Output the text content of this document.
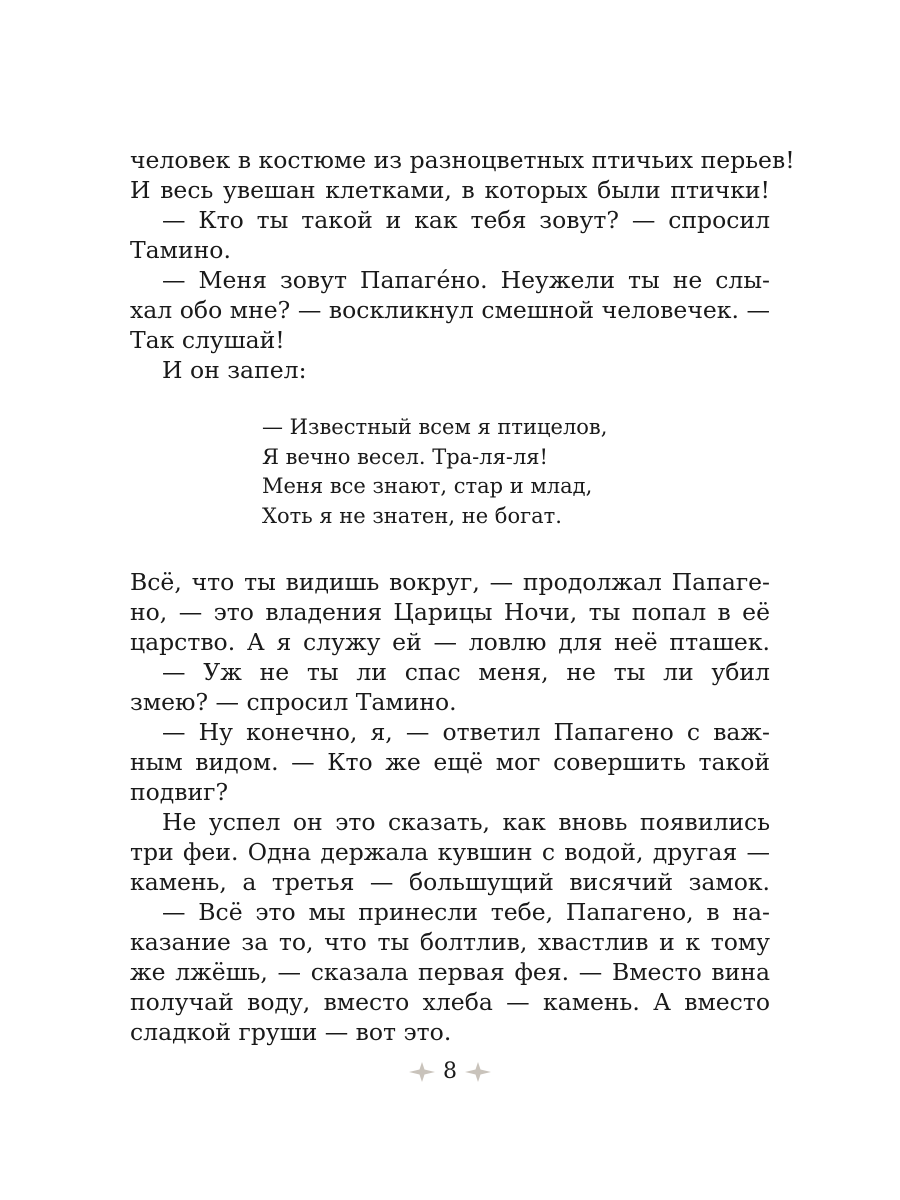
человек в костюме из разноцветных птичьих перьев!
И весь увешан клетками, в которых были птички!
— Кто ты такой и как тебя зовут? — спросил
Тамино.
— Меня зовут Папаге́но. Неужели ты не слы-
хал обо мне? — воскликнул смешной человечек. —
Так слушай!
И он запел:
— Известный всем я птицелов,
Я вечно весел. Тра-ля-ля!
Меня все знают, стар и млад,
Хоть я не знатен, не богат.
Всё, что ты видишь вокруг, — продолжал Папаге-
но, — это владения Царицы Ночи, ты попал в её
царство. А я служу ей — ловлю для неё пташек.
— Уж не ты ли спас меня, не ты ли убил
змею? — спросил Тамино.
— Ну конечно, я, — ответил Папагено с важ-
ным видом. — Кто же ещё мог совершить такой
подвиг?
Не успел он это сказать, как вновь появились
три феи. Одна держала кувшин с водой, другая —
камень, а третья — большущий висячий замок.
— Всё это мы принесли тебе, Папагено, в на-
казание за то, что ты болтлив, хвастлив и к тому
же лжёшь, — сказала первая фея. — Вместо вина
получай воду, вместо хлеба — камень. А вместо
сладкой груши — вот это.
8
